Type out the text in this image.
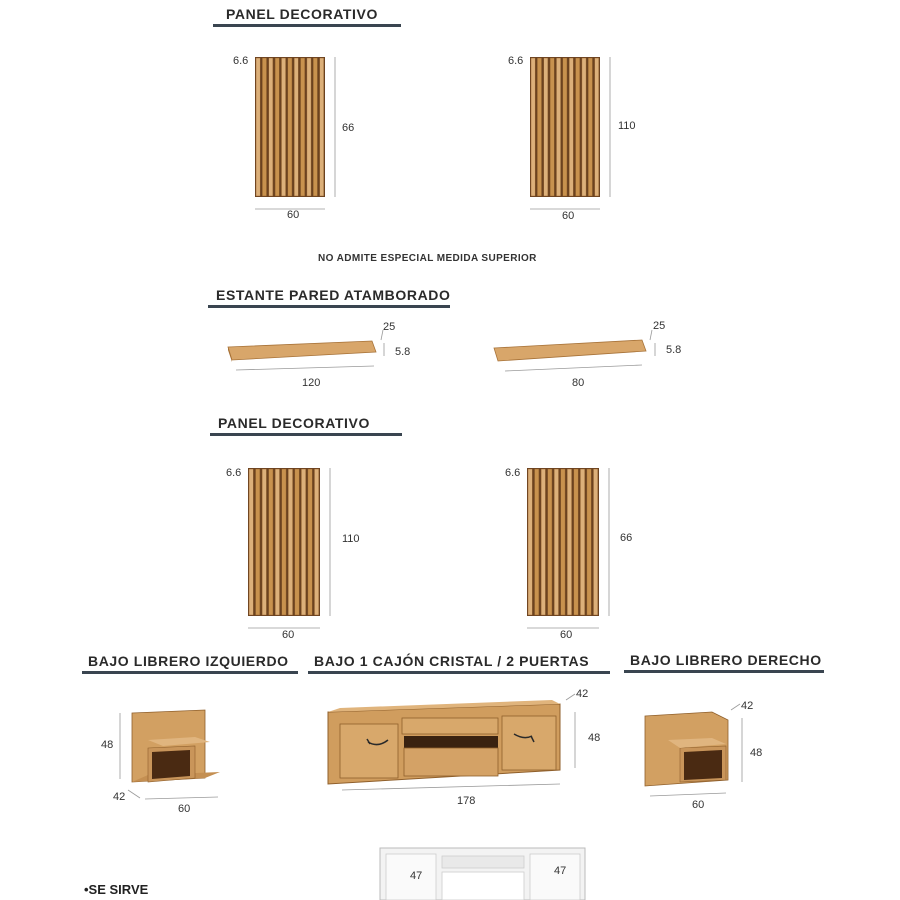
PANEL DECORATIVO
NO ADMITE ESPECIAL MEDIDA SUPERIOR
ESTANTE PARED ATAMBORADO
PANEL DECORATIVO
BAJO LIBRERO IZQUIERDO BAJO 1 CAJÓN CRISTAL / 2 PUERTAS	BAJO LIBRERO DERECHO
•SE SIRVE
6.6
66
60
6.6
110
60
25
5.8
120
25
5.8
80
6.6
110
60
6.6
66
60
48
42
60
42
48
178
42
48
60
47	47
